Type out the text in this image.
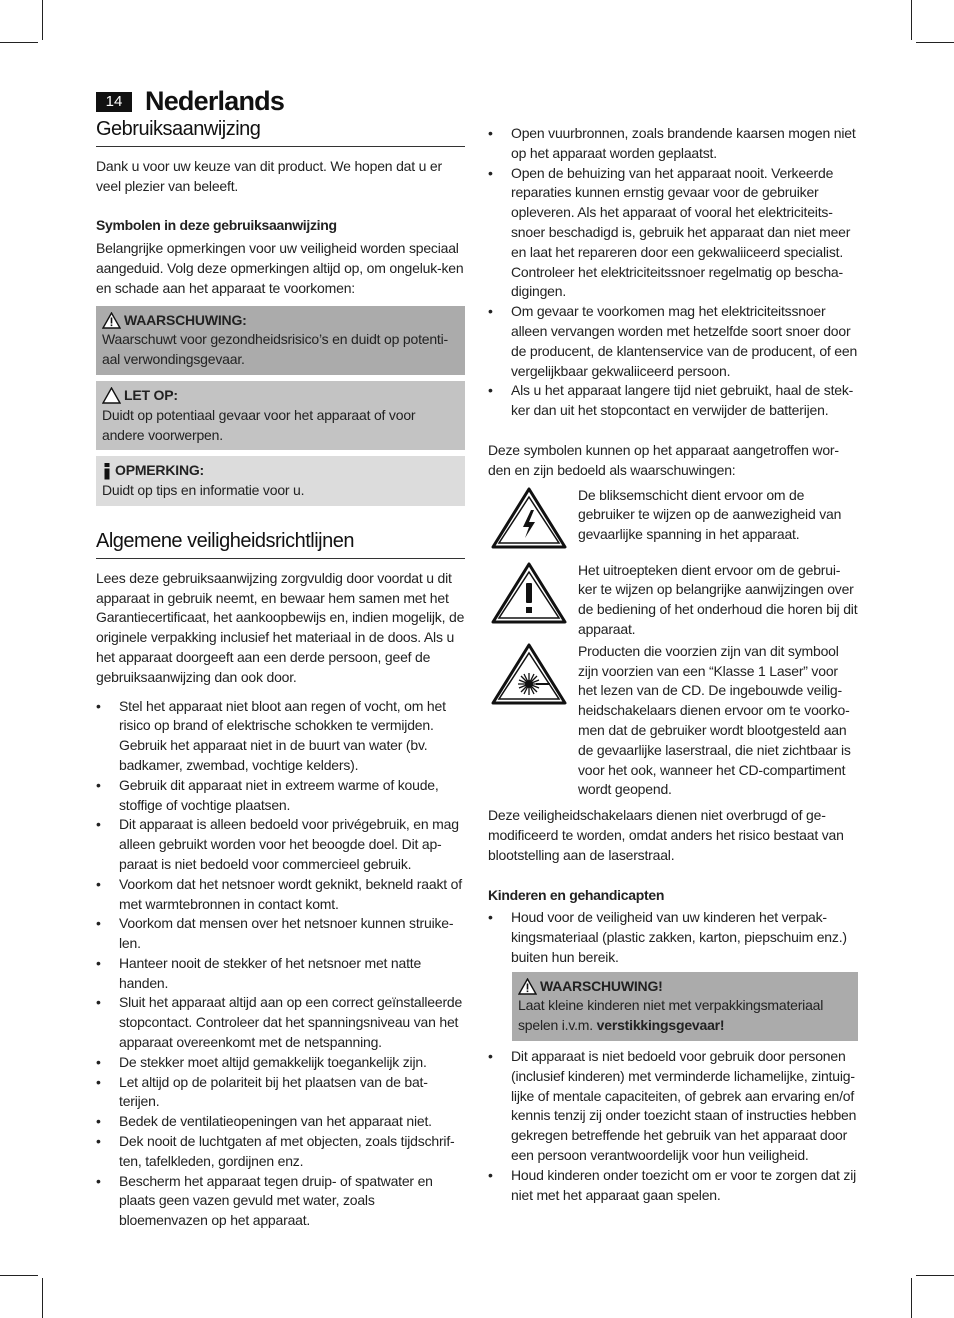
14 Nederlands
Gebruiksaanwijzing

Dank u voor uw keuze van dit product. We hopen dat u er veel plezier van beleeft.

Symbolen in deze gebruiksaanwijzing

Belangrijke opmerkingen voor uw veiligheid worden speciaal aangeduid. Volg deze opmerkingen altijd op, om ongeluk-ken en schade aan het apparaat te voorkomen:

WAARSCHUWING:

Waarschuwt voor gezondheidsrisico’s en duidt op potenti-aal verwondingsgevaar.

LET OP:

Duidt op potentiaal gevaar voor het apparaat of voor andere voorwerpen.

OPMERKING:

Duidt op tips en informatie voor u.

Algemene veiligheidsrichtlijnen

Lees deze gebruiksaanwijzing zorgvuldig door voordat u dit apparaat in gebruik neemt, en bewaar hem samen met het Garantiecertificaat, het aankoopbewijs en, indien mogelijk, de originele verpakking inclusief het materiaal in de doos. Als u het apparaat doorgeeft aan een derde persoon, geef de gebruiksaanwijzing dan ook door.

• Stel het apparaat niet bloot aan regen of vocht, om het risico op brand of elektrische schokken te vermijden. Gebruik het apparaat niet in de buurt van water (bv. badkamer, zwembad, vochtige kelders).
• Gebruik dit apparaat niet in extreem warme of koude, stoffige of vochtige plaatsen.
• Dit apparaat is alleen bedoeld voor privégebruik, en mag alleen gebruikt worden voor het beoogde doel. Dit ap-paraat is niet bedoeld voor commercieel gebruik.
• Voorkom dat het netsnoer wordt geknikt, bekneld raakt of met warmtebronnen in contact komt.
• Voorkom dat mensen over het netsnoer kunnen struike-len.
• Hanteer nooit de stekker of het netsnoer met natte handen.
• Sluit het apparaat altijd aan op een correct geïnstalleerde stopcontact. Controleer dat het spanningsniveau van het apparaat overeenkomt met de netspanning.
• De stekker moet altijd gemakkelijk toegankelijk zijn.
• Let altijd op de polariteit bij het plaatsen van de bat-terijen.
• Bedek de ventilatieopeningen van het apparaat niet.
• Dek nooit de luchtgaten af met objecten, zoals tijdschrif-ten, tafelkleden, gordijnen enz.
• Bescherm het apparaat tegen druip- of spatwater en plaats geen vazen gevuld met water, zoals bloemenvazen op het apparaat.
• Open vuurbronnen, zoals brandende kaarsen mogen niet op het apparaat worden geplaatst.
• Open de behuizing van het apparaat nooit. Verkeerde reparaties kunnen ernstig gevaar voor de gebruiker opleveren. Als het apparaat of vooral het elektriciteits-snoer beschadigd is, gebruik het apparaat dan niet meer en laat het repareren door een gekwaliiceerd specialist. Controleer het elektriciteitssnoer regelmatig op bescha-digingen.
• Om gevaar te voorkomen mag het elektriciteitssnoer alleen vervangen worden met hetzelfde soort snoer door de producent, de klantenservice van de producent, of een vergelijkbaar gekwaliiceerd persoon.
• Als u het apparaat langere tijd niet gebruikt, haal de stek-ker dan uit het stopcontact en verwijder de batterijen.

Deze symbolen kunnen op het apparaat aangetroffen wor-den en zijn bedoeld als waarschuwingen:

De bliksemschicht dient ervoor om de gebruiker te wijzen op de aanwezigheid van gevaarlijke spanning in het apparaat.

Het uitroepteken dient ervoor om de gebrui-ker te wijzen op belangrijke aanwijzingen over de bediening of het onderhoud die horen bij dit apparaat.

Producten die voorzien zijn van dit symbool zijn voorzien van een “Klasse 1 Laser” voor het lezen van de CD. De ingebouwde veilig-heidschakelaars dienen ervoor om te voorko-men dat de gebruiker wordt blootgesteld aan de gevaarlijke laserstraal, die niet zichtbaar is voor het ook, wanneer het CD-compartiment wordt geopend.

Deze veiligheidschakelaars dienen niet overbrugd of ge-modificeerd te worden, omdat anders het risico bestaat van blootstelling aan de laserstraal.

Kinderen en gehandicapten
• Houd voor de veiligheid van uw kinderen het verpak-kingsmateriaal (plastic zakken, karton, piepschuim enz.) buiten hun bereik.
WAARSCHUWING!

Laat kleine kinderen niet met verpakkingsmateriaal spelen i.v.m. verstikkingsgevaar!

• Dit apparaat is niet bedoeld voor gebruik door personen (inclusief kinderen) met verminderde lichamelijke, zintuig-lijke of mentale capaciteiten, of gebrek aan ervaring en/of kennis tenzij zij onder toezicht staan of instructies hebben gekregen betreffende het gebruik van het apparaat door een persoon verantwoordelijk voor hun veiligheid.
• Houd kinderen onder toezicht om er voor te zorgen dat zij niet met het apparaat gaan spelen.
